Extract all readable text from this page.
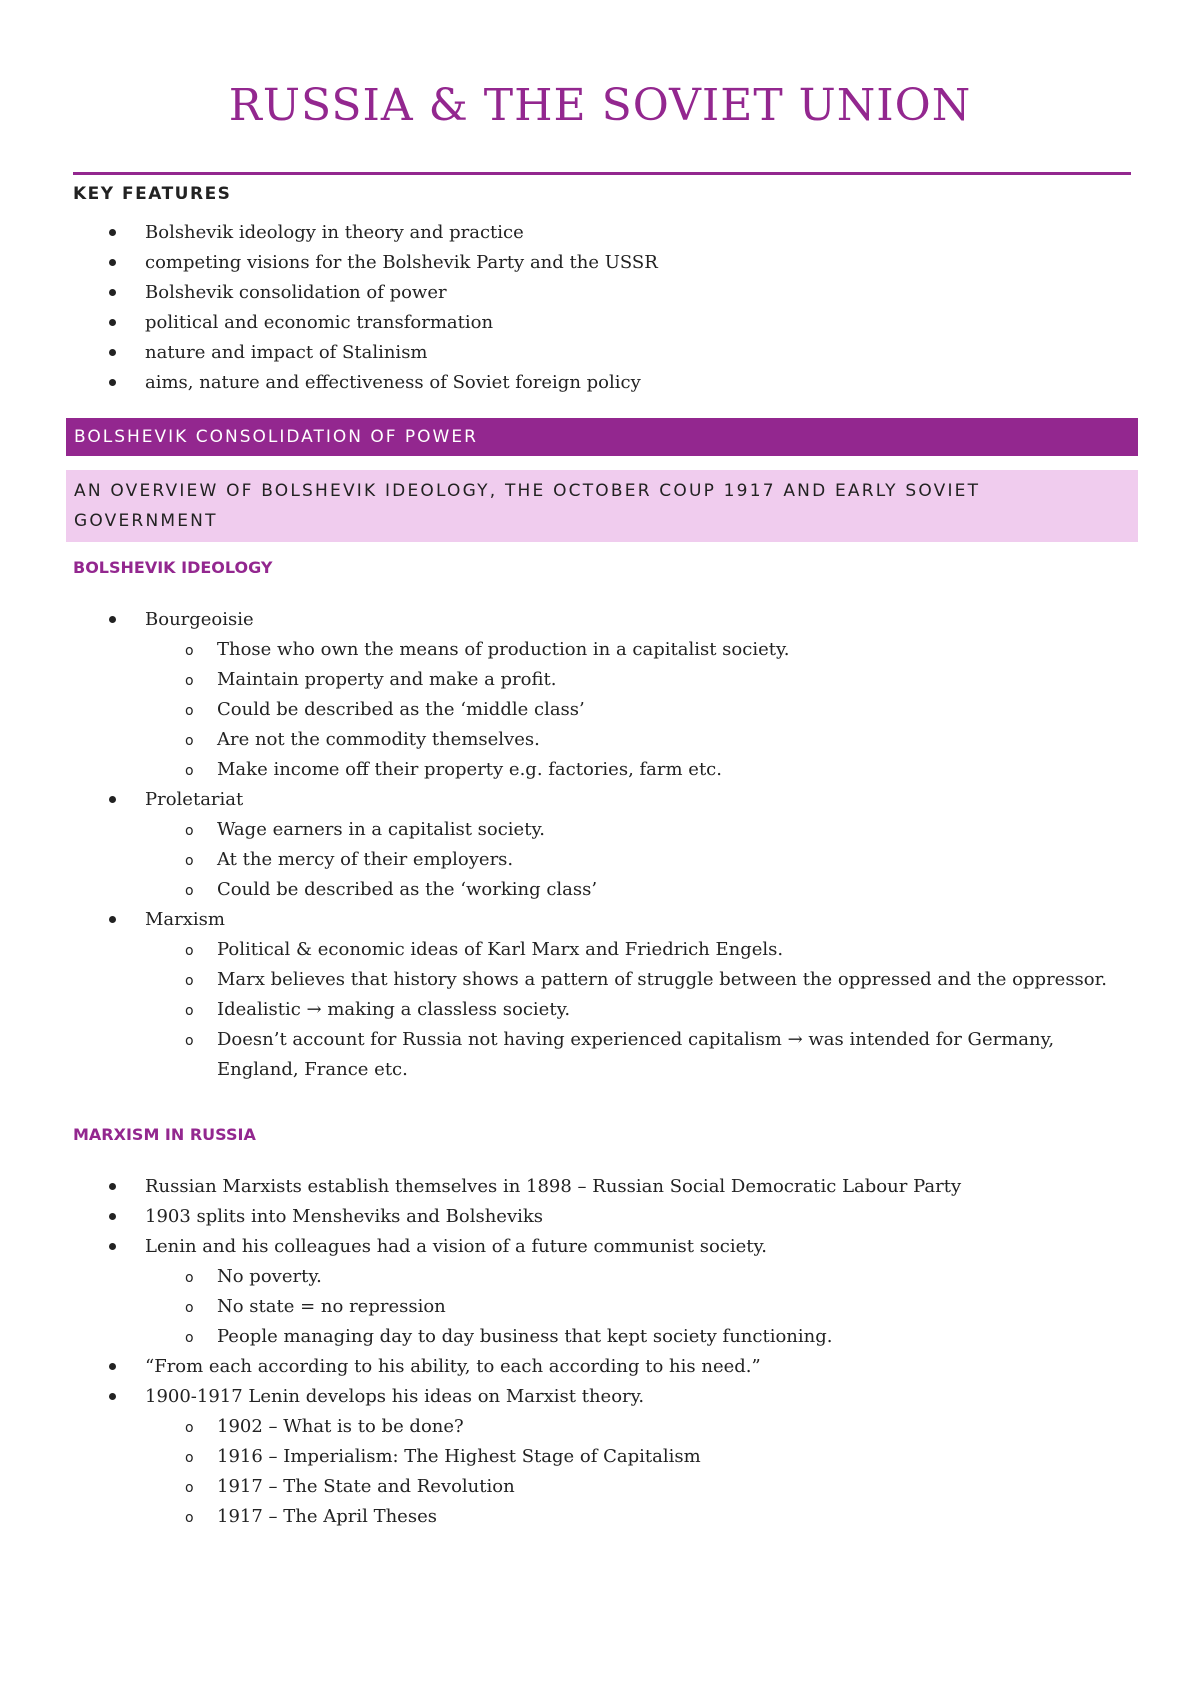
RUSSIA & THE SOVIET UNION
KEY FEATURES
Bolshevik ideology in theory and practice
competing visions for the Bolshevik Party and the USSR
Bolshevik consolidation of power
political and economic transformation
nature and impact of Stalinism
aims, nature and effectiveness of Soviet foreign policy
BOLSHEVIK CONSOLIDATION OF POWER
AN OVERVIEW OF BOLSHEVIK IDEOLOGY, THE OCTOBER COUP 1917 AND EARLY SOVIET GOVERNMENT
BOLSHEVIK IDEOLOGY
Bourgeoisie
o Those who own the means of production in a capitalist society.
o Maintain property and make a profit.
o Could be described as the ‘middle class’
o Are not the commodity themselves.
o Make income off their property e.g. factories, farm etc.
Proletariat
o Wage earners in a capitalist society.
o At the mercy of their employers.
o Could be described as the ‘working class’
Marxism
o Political & economic ideas of Karl Marx and Friedrich Engels.
o Marx believes that history shows a pattern of struggle between the oppressed and the oppressor.
o Idealistic → making a classless society.
o Doesn’t account for Russia not having experienced capitalism → was intended for Germany, England, France etc.
MARXISM IN RUSSIA
Russian Marxists establish themselves in 1898 – Russian Social Democratic Labour Party
1903 splits into Mensheviks and Bolsheviks
Lenin and his colleagues had a vision of a future communist society.
o No poverty.
o No state = no repression
o People managing day to day business that kept society functioning.
“From each according to his ability, to each according to his need.”
1900-1917 Lenin develops his ideas on Marxist theory.
o 1902 – What is to be done?
o 1916 – Imperialism: The Highest Stage of Capitalism
o 1917 – The State and Revolution
o 1917 – The April Theses
